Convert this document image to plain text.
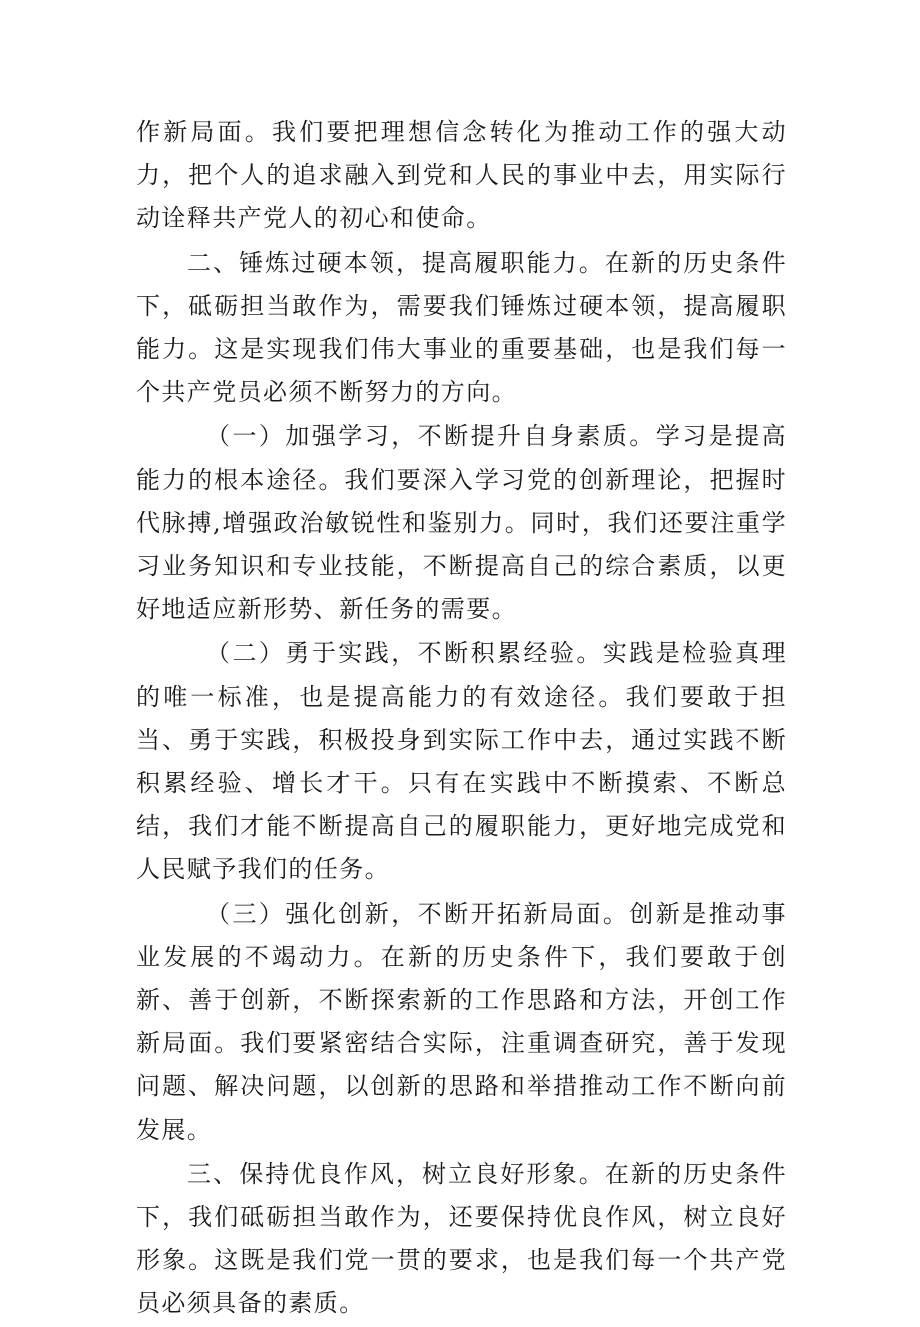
作新局面。我们要把理想信念转化为推动工作的强大动力，把个人的追求融入到党和人民的事业中去，用实际行动诠释共产党人的初心和使命。

二、锤炼过硬本领，提高履职能力。在新的历史条件下，砥砺担当敢作为，需要我们锤炼过硬本领，提高履职能力。这是实现我们伟大事业的重要基础，也是我们每一个共产党员必须不断努力的方向。

（一）加强学习，不断提升自身素质。学习是提高能力的根本途径。我们要深入学习党的创新理论，把握时代脉搏,增强政治敏锐性和鉴别力。同时，我们还要注重学习业务知识和专业技能，不断提高自己的综合素质，以更好地适应新形势、新任务的需要。

（二）勇于实践，不断积累经验。实践是检验真理的唯一标准，也是提高能力的有效途径。我们要敢于担当、勇于实践，积极投身到实际工作中去，通过实践不断积累经验、增长才干。只有在实践中不断摸索、不断总结，我们才能不断提高自己的履职能力，更好地完成党和人民赋予我们的任务。

（三）强化创新，不断开拓新局面。创新是推动事业发展的不竭动力。在新的历史条件下，我们要敢于创新、善于创新，不断探索新的工作思路和方法，开创工作新局面。我们要紧密结合实际，注重调查研究，善于发现问题、解决问题，以创新的思路和举措推动工作不断向前发展。

三、保持优良作风，树立良好形象。在新的历史条件下，我们砥砺担当敢作为，还要保持优良作风，树立良好形象。这既是我们党一贯的要求，也是我们每一个共产党员必须具备的素质。
